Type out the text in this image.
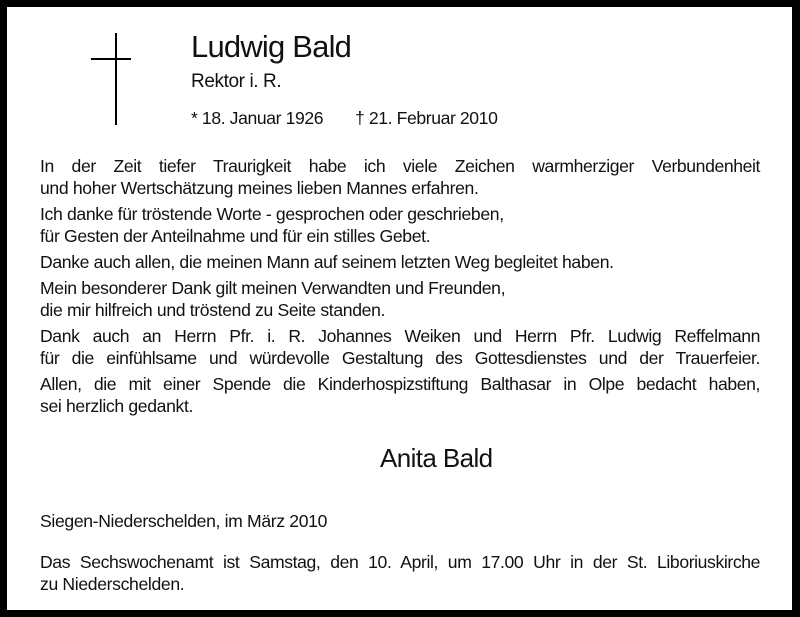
Ludwig Bald
Rektor i. R.
* 18. Januar 1926 † 21. Februar 2010
In der Zeit tiefer Traurigkeit habe ich viele Zeichen warmherziger Verbundenheit
und hoher Wertschätzung meines lieben Mannes erfahren.
Ich danke für tröstende Worte - gesprochen oder geschrieben,
für Gesten der Anteilnahme und für ein stilles Gebet.
Danke auch allen, die meinen Mann auf seinem letzten Weg begleitet haben.
Mein besonderer Dank gilt meinen Verwandten und Freunden,
die mir hilfreich und tröstend zu Seite standen.
Dank auch an Herrn Pfr. i. R. Johannes Weiken und Herrn Pfr. Ludwig Reffelmann
für die einfühlsame und würdevolle Gestaltung des Gottesdienstes und der Trauerfeier.
Allen, die mit einer Spende die Kinderhospizstiftung Balthasar in Olpe bedacht haben,
sei herzlich gedankt.
Anita Bald
Siegen-Niederschelden, im März 2010
Das Sechswochenamt ist Samstag, den 10. April, um 17.00 Uhr in der St. Liboriuskirche
zu Niederschelden.
